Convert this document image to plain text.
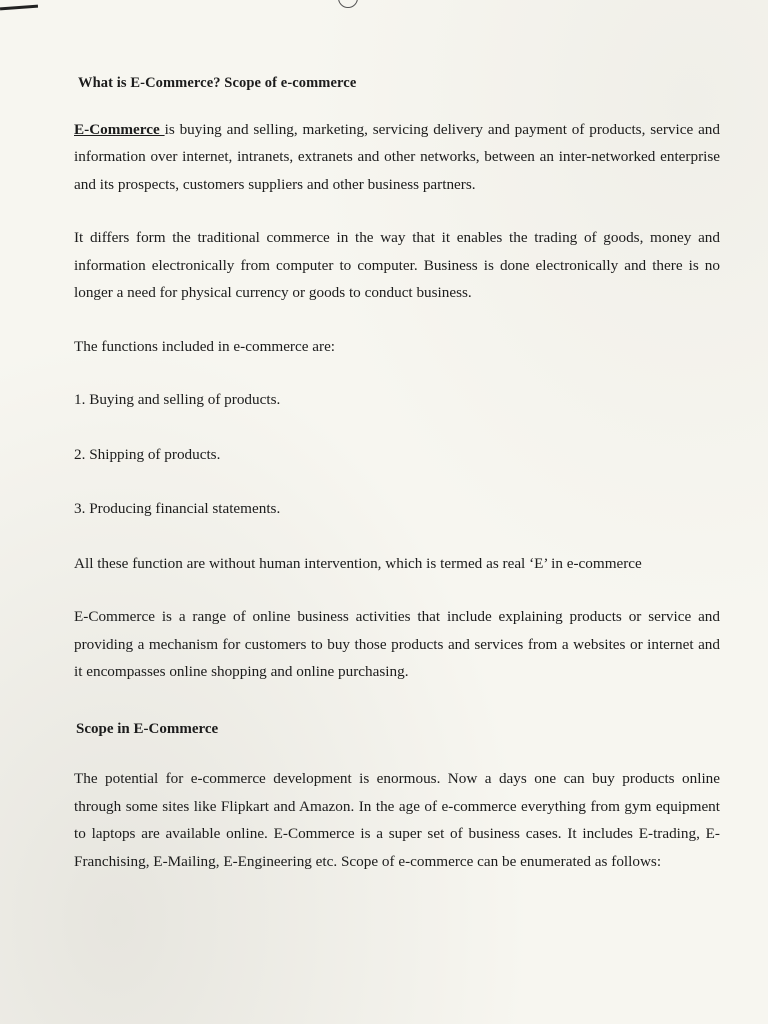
What is E-Commerce? Scope of e-commerce

E-Commerce is buying and selling, marketing, servicing delivery and payment of products, service and information over internet, intranets, extranets and other networks, between an inter-networked enterprise and its prospects, customers suppliers and other business partners.

It differs form the traditional commerce in the way that it enables the trading of goods, money and information electronically from computer to computer. Business is done electronically and there is no longer a need for physical currency or goods to conduct business.

The functions included in e-commerce are:

1. Buying and selling of products.
2. Shipping of products.
3. Producing financial statements.

All these function are without human intervention, which is termed as real ‘E’ in e-commerce

E-Commerce is a range of online business activities that include explaining products or service and providing a mechanism for customers to buy those products and services from a websites or internet and it encompasses online shopping and online purchasing.

Scope in E-Commerce

The potential for e-commerce development is enormous. Now a days one can buy products online through some sites like Flipkart and Amazon. In the age of e-commerce everything from gym equipment to laptops are available online. E-Commerce is a super set of business cases. It includes E-trading, E-Franchising, E-Mailing, E-Engineering etc. Scope of e-commerce can be enumerated as follows:
